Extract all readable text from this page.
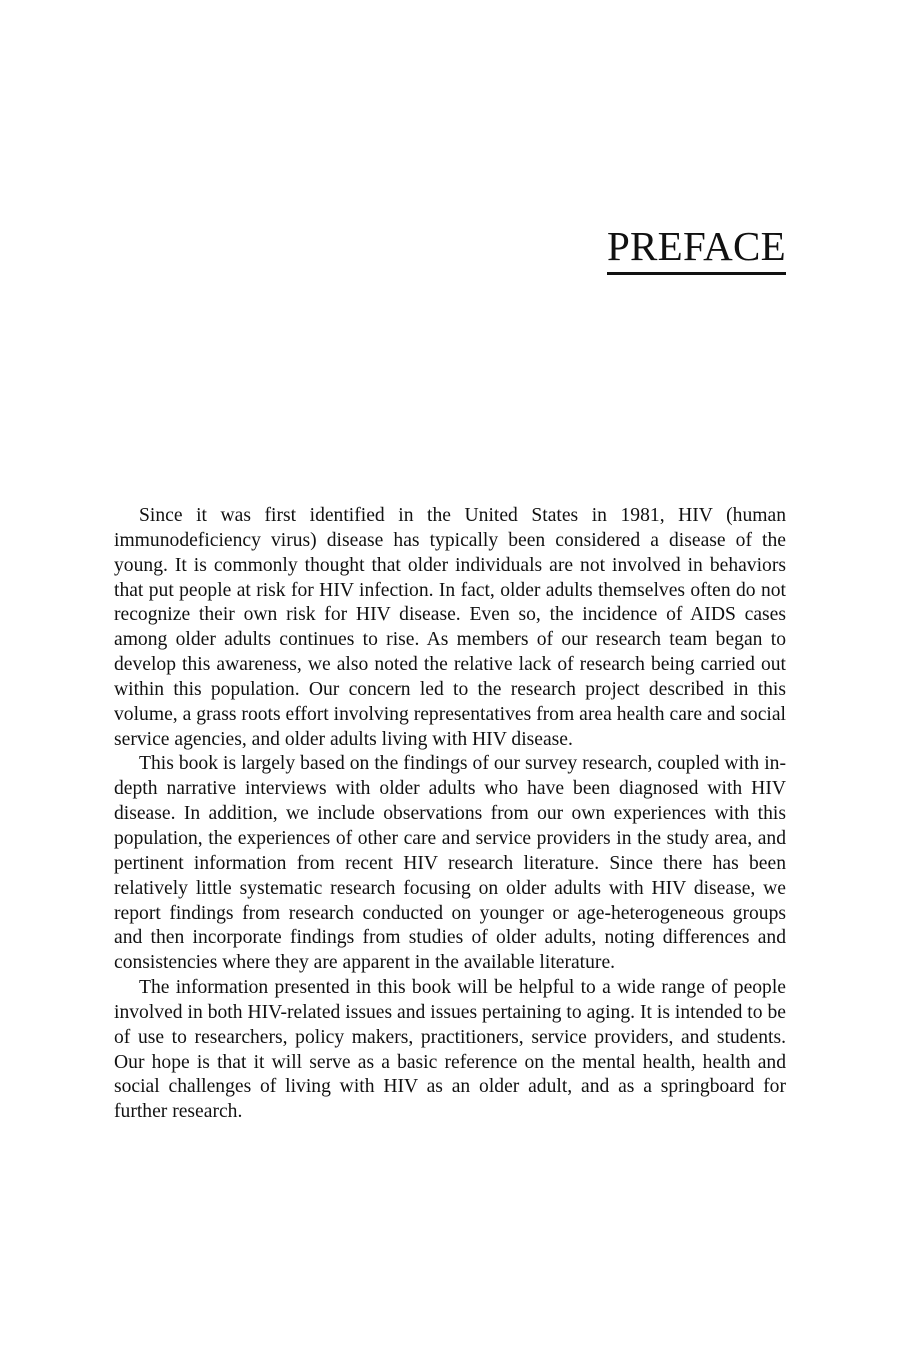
PREFACE

Since it was first identified in the United States in 1981, HIV (human immunodeficiency virus) disease has typically been considered a disease of the young. It is commonly thought that older individuals are not involved in behaviors that put people at risk for HIV infection. In fact, older adults themselves often do not recognize their own risk for HIV disease. Even so, the incidence of AIDS cases among older adults continues to rise. As members of our research team began to develop this awareness, we also noted the relative lack of research being carried out within this population. Our concern led to the research project described in this volume, a grass roots effort involving representatives from area health care and social service agencies, and older adults living with HIV disease.

This book is largely based on the findings of our survey research, coupled with in-depth narrative interviews with older adults who have been diagnosed with HIV disease. In addition, we include observations from our own experiences with this population, the experiences of other care and service providers in the study area, and pertinent information from recent HIV research literature. Since there has been relatively little systematic research focusing on older adults with HIV disease, we report findings from research conducted on younger or age-heterogeneous groups and then incorporate findings from studies of older adults, noting differences and consistencies where they are apparent in the available literature.

The information presented in this book will be helpful to a wide range of people involved in both HIV-related issues and issues pertaining to aging. It is intended to be of use to researchers, policy makers, practitioners, service providers, and students. Our hope is that it will serve as a basic reference on the mental health, health and social challenges of living with HIV as an older adult, and as a springboard for further research.
